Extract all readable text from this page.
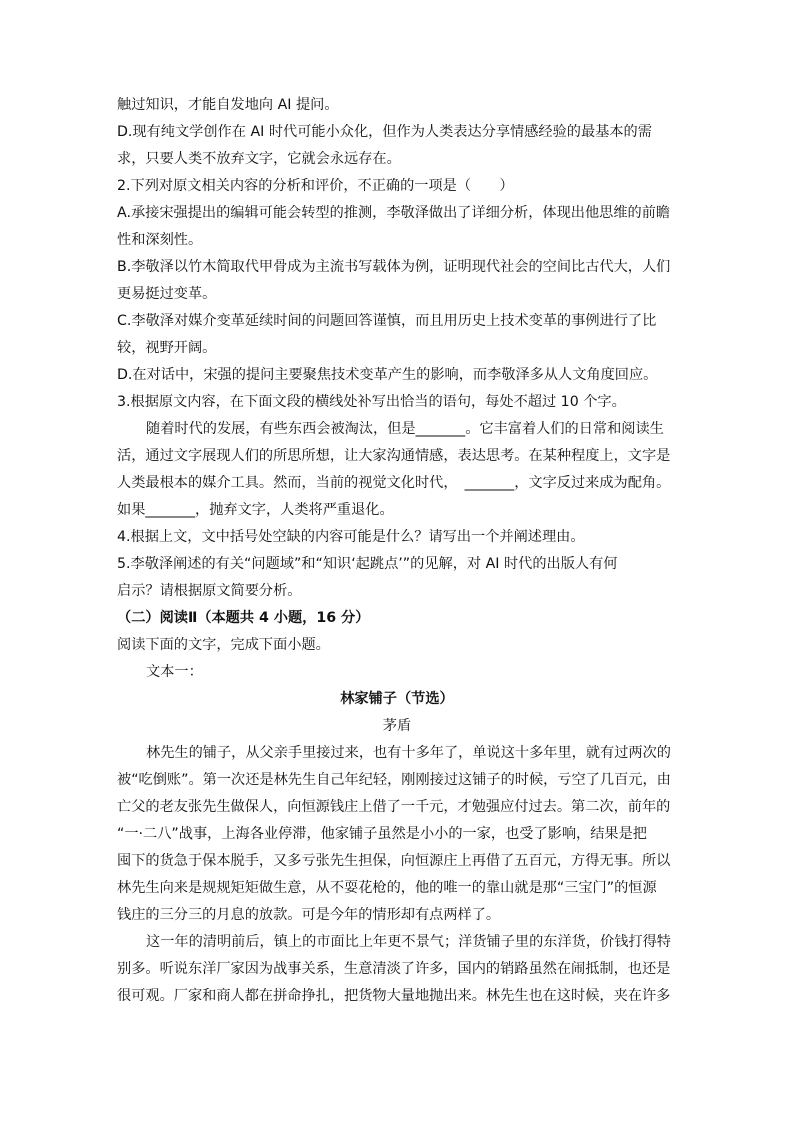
触过知识，才能自发地向 AI 提问。
D.现有纯文学创作在 AI 时代可能小众化，但作为人类表达分享情感经验的最基本的需
求，只要人类不放弃文字，它就会永远存在。
2.下列对原文相关内容的分析和评价，不正确的一项是（　　）
A.承接宋强提出的编辑可能会转型的推测，李敬泽做出了详细分析，体现出他思维的前瞻
性和深刻性。
B.李敬泽以竹木简取代甲骨成为主流书写载体为例，证明现代社会的空间比古代大，人们
更易挺过变革。
C.李敬泽对媒介变革延续时间的问题回答谨慎，而且用历史上技术变革的事例进行了比
较，视野开阔。
D.在对话中，宋强的提问主要聚焦技术变革产生的影响，而李敬泽多从人文角度回应。
3.根据原文内容，在下面文段的横线处补写出恰当的语句，每处不超过 10 个字。
随着时代的发展，有些东西会被淘汰，但是_______。它丰富着人们的日常和阅读生
活，通过文字展现人们的所思所想，让大家沟通情感，表达思考。在某种程度上，文字是
人类最根本的媒介工具。然而，当前的视觉文化时代，　_______，文字反过来成为配角。
如果_______，抛弃文字，人类将严重退化。
4.根据上文，文中括号处空缺的内容可能是什么？请写出一个并阐述理由。
5.李敬泽阐述的有关“问题域”和“知识‘起跳点’”的见解，对 AI 时代的出版人有何
启示？请根据原文简要分析。
（二）阅读Ⅱ（本题共 4 小题，16 分）
阅读下面的文字，完成下面小题。
文本一：
林家铺子（节选）
茅盾
林先生的铺子，从父亲手里接过来，也有十多年了，单说这十多年里，就有过两次的
被“吃倒账”。第一次还是林先生自己年纪轻，刚刚接过这铺子的时候，亏空了几百元，由
亡父的老友张先生做保人，向恒源钱庄上借了一千元，才勉强应付过去。第二次，前年的
“一·二八”战事，上海各业停滞，他家铺子虽然是小小的一家，也受了影响，结果是把
囤下的货急于保本脱手，又多亏张先生担保，向恒源庄上再借了五百元，方得无事。所以
林先生向来是规规矩矩做生意，从不耍花枪的，他的唯一的靠山就是那“三宝门”的恒源
钱庄的三分三的月息的放款。可是今年的情形却有点两样了。
这一年的清明前后，镇上的市面比上年更不景气；洋货铺子里的东洋货，价钱打得特
别多。听说东洋厂家因为战事关系，生意清淡了许多，国内的销路虽然在闹抵制，也还是
很可观。厂家和商人都在拼命挣扎，把货物大量地抛出来。林先生也在这时候，夹在许多
